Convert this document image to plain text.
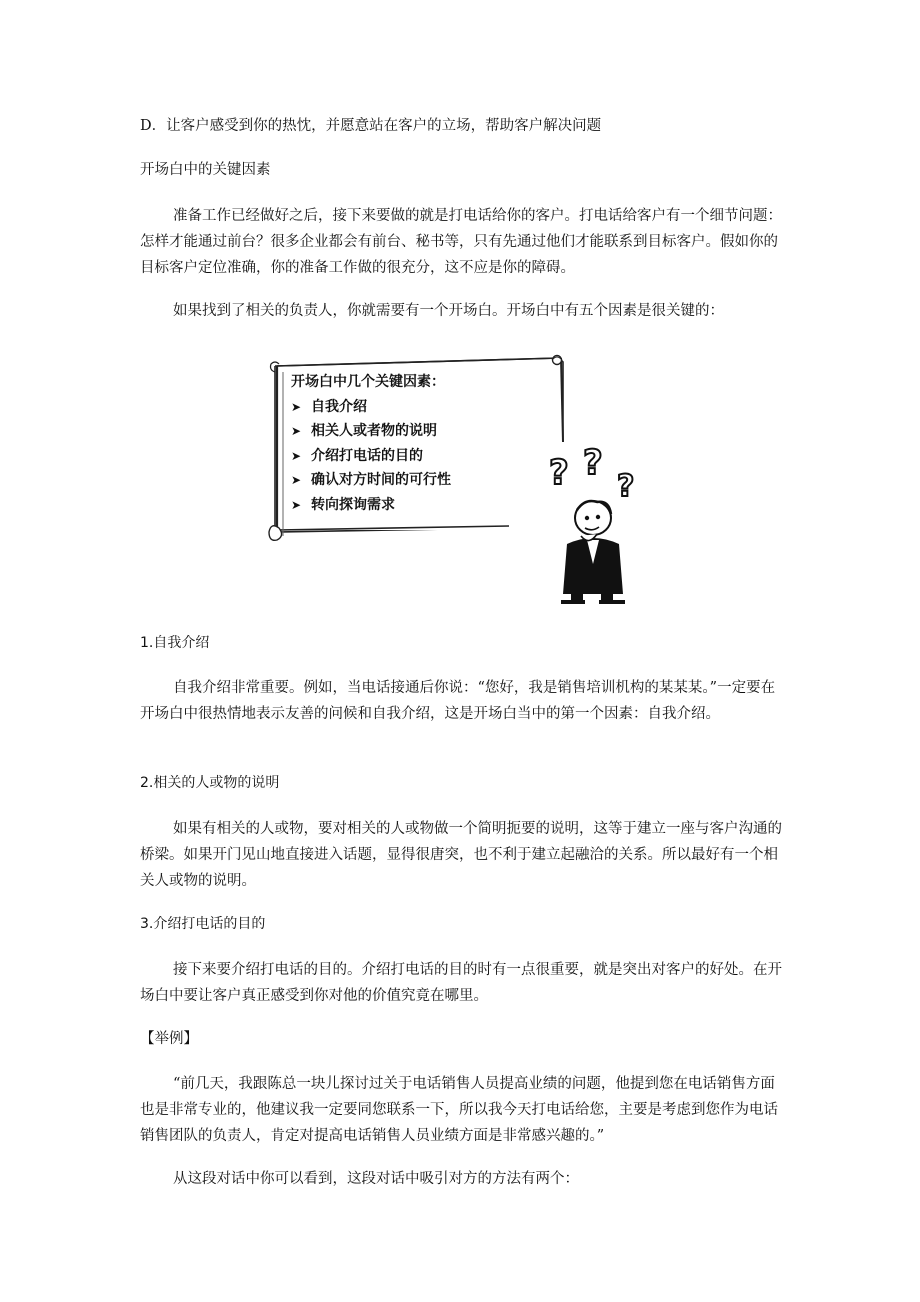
D．让客户感受到你的热忱，并愿意站在客户的立场，帮助客户解决问题

开场白中的关键因素

准备工作已经做好之后，接下来要做的就是打电话给你的客户。打电话给客户有一个细节问题：怎样才能通过前台？很多企业都会有前台、秘书等，只有先通过他们才能联系到目标客户。假如你的目标客户定位准确，你的准备工作做的很充分，这不应是你的障碍。

如果找到了相关的负责人，你就需要有一个开场白。开场白中有五个因素是很关键的：

开场白中几个关键因素：
➤ 自我介绍
➤ 相关人或者物的说明
➤ 介绍打电话的目的
➤ 确认对方时间的可行性
➤ 转向探询需求
? ?
?

1.自我介绍

自我介绍非常重要。例如，当电话接通后你说：“您好，我是销售培训机构的某某某。”一定要在开场白中很热情地表示友善的问候和自我介绍，这是开场白当中的第一个因素：自我介绍。

2.相关的人或物的说明

如果有相关的人或物，要对相关的人或物做一个简明扼要的说明，这等于建立一座与客户沟通的桥梁。如果开门见山地直接进入话题，显得很唐突，也不利于建立起融洽的关系。所以最好有一个相关人或物的说明。

3.介绍打电话的目的

接下来要介绍打电话的目的。介绍打电话的目的时有一点很重要，就是突出对客户的好处。在开场白中要让客户真正感受到你对他的价值究竟在哪里。

【举例】

“前几天，我跟陈总一块儿探讨过关于电话销售人员提高业绩的问题，他提到您在电话销售方面也是非常专业的，他建议我一定要同您联系一下，所以我今天打电话给您，主要是考虑到您作为电话销售团队的负责人，肯定对提高电话销售人员业绩方面是非常感兴趣的。”

从这段对话中你可以看到，这段对话中吸引对方的方法有两个：
